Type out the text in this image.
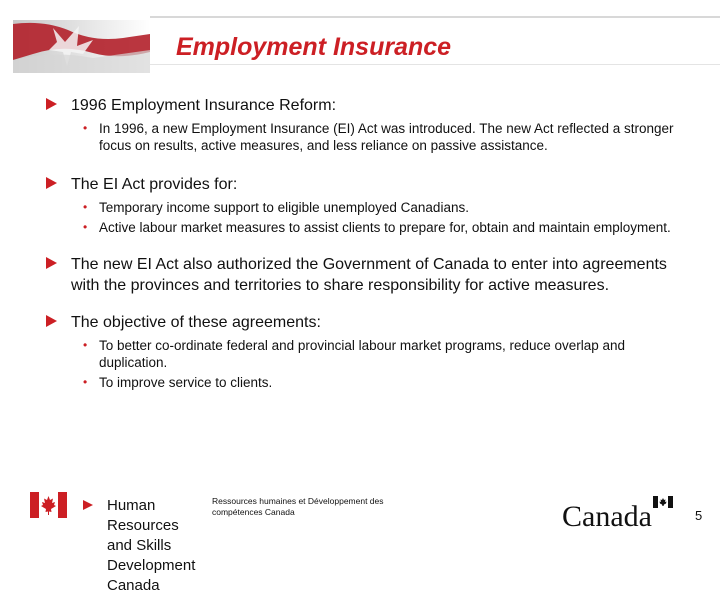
Employment Insurance
1996 Employment Insurance Reform:
• In 1996, a new Employment Insurance (EI) Act was introduced. The new Act reflected a stronger focus on results, active measures, and less reliance on passive assistance.
The EI Act provides for:
• Temporary income support to eligible unemployed Canadians.
• Active labour market measures to assist clients to prepare for, obtain and maintain employment.
The new EI Act also authorized the Government of Canada to enter into agreements with the provinces and territories to share responsibility for active measures.
The objective of these agreements:
• To better co-ordinate federal and provincial labour market programs, reduce overlap and duplication.
• To improve service to clients.
Human Resources and Skills Development Canada
Ressources humaines et Développement des compétences Canada	Canada	5
